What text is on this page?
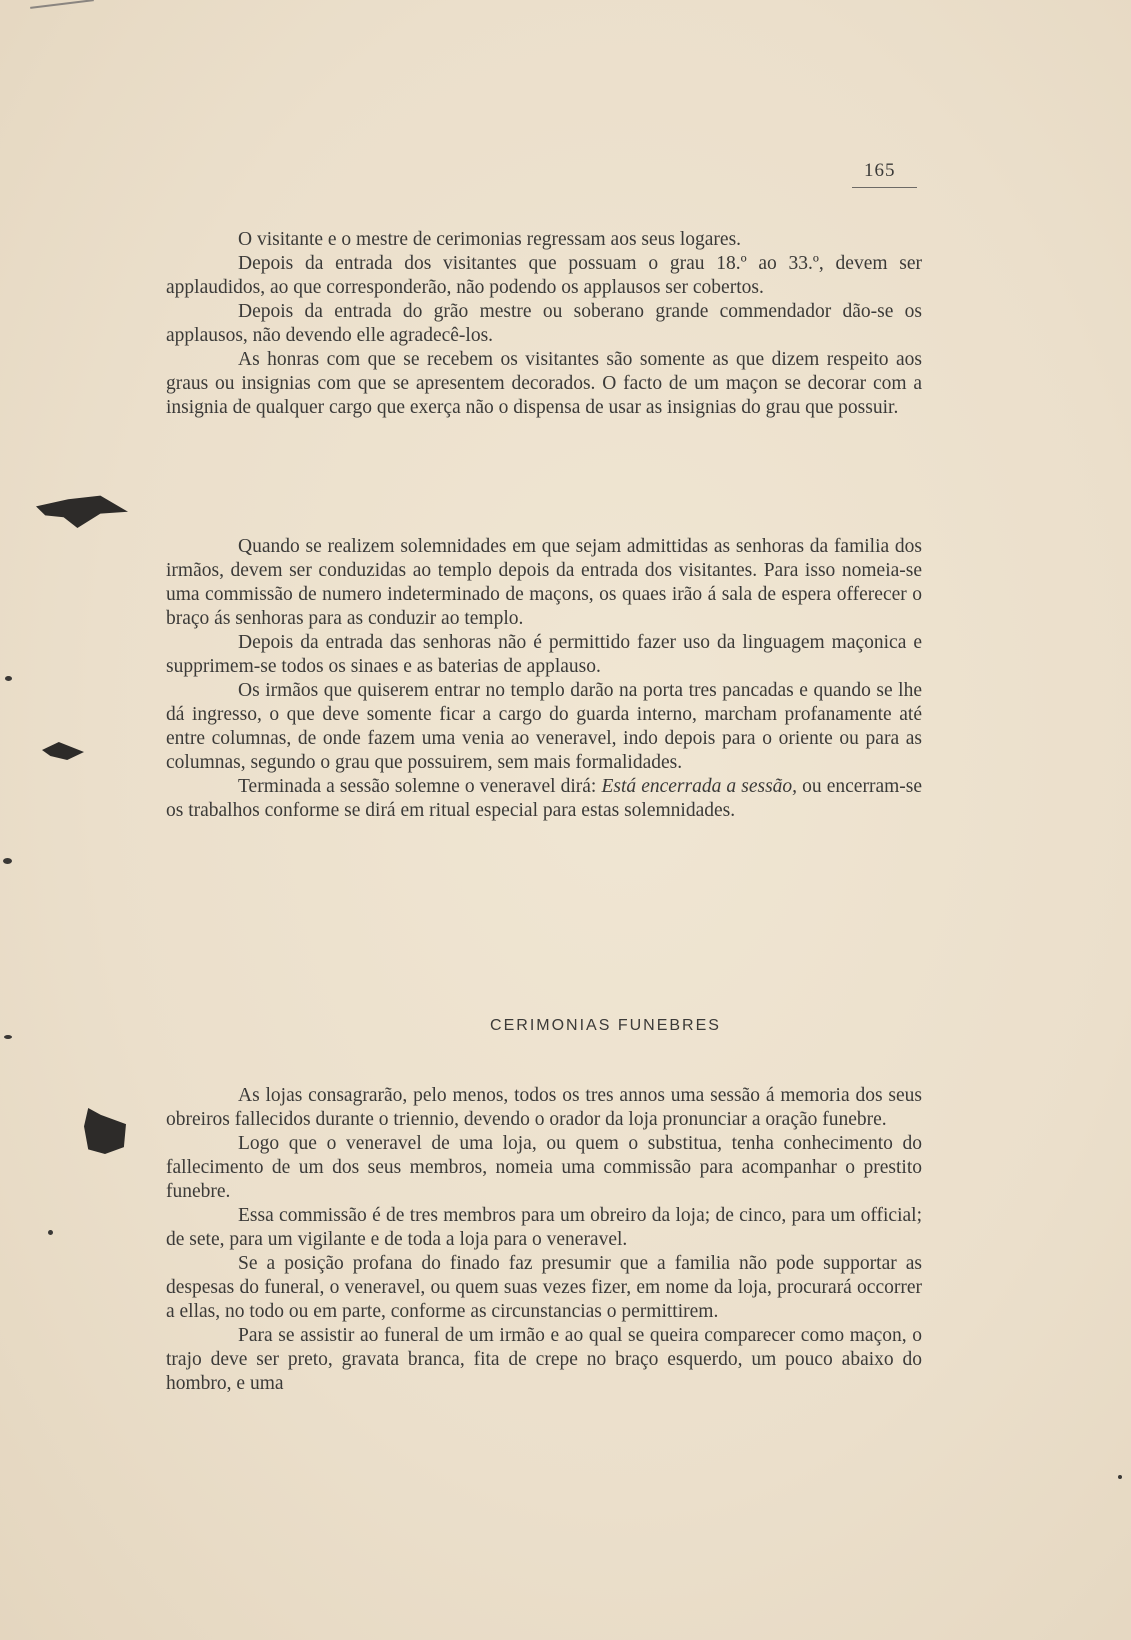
165

O visitante e o mestre de cerimonias regressam aos seus logares.

Depois da entrada dos visitantes que possuam o grau 18.º ao 33.º, devem ser applaudidos, ao que corresponderão, não podendo os applausos ser cobertos.

Depois da entrada do grão mestre ou soberano grande commendador dão-se os applausos, não devendo elle agradecê-los.

As honras com que se recebem os visitantes são somente as que dizem respeito aos graus ou insignias com que se apresentem decorados. O facto de um maçon se decorar com a insignia de qualquer cargo que exerça não o dispensa de usar as insignias do grau que possuir.

Quando se realizem solemnidades em que sejam admittidas as senhoras da familia dos irmãos, devem ser conduzidas ao templo depois da entrada dos visitantes. Para isso nomeia-se uma commissão de numero indeterminado de maçons, os quaes irão á sala de espera offerecer o braço ás senhoras para as conduzir ao templo.

Depois da entrada das senhoras não é permittido fazer uso da linguagem maçonica e supprimem-se todos os sinaes e as baterias de applauso.

Os irmãos que quiserem entrar no templo darão na porta tres pancadas e quando se lhe dá ingresso, o que deve somente ficar a cargo do guarda interno, marcham profanamente até entre columnas, de onde fazem uma venia ao veneravel, indo depois para o oriente ou para as columnas, segundo o grau que possuirem, sem mais formalidades.

Terminada a sessão solemne o veneravel dirá: Está encerrada a sessão, ou encerram-se os trabalhos conforme se dirá em ritual especial para estas solemnidades.

CERIMONIAS FUNEBRES

As lojas consagrarão, pelo menos, todos os tres annos uma sessão á memoria dos seus obreiros fallecidos durante o triennio, devendo o orador da loja pronunciar a oração funebre.

Logo que o veneravel de uma loja, ou quem o substitua, tenha conhecimento do fallecimento de um dos seus membros, nomeia uma commissão para acompanhar o prestito funebre.

Essa commissão é de tres membros para um obreiro da loja; de cinco, para um official; de sete, para um vigilante e de toda a loja para o veneravel.

Se a posição profana do finado faz presumir que a familia não pode supportar as despesas do funeral, o veneravel, ou quem suas vezes fizer, em nome da loja, procurará occorrer a ellas, no todo ou em parte, conforme as circunstancias o permittirem.

Para se assistir ao funeral de um irmão e ao qual se queira comparecer como maçon, o trajo deve ser preto, gravata branca, fita de crepe no braço esquerdo, um pouco abaixo do hombro, e uma
